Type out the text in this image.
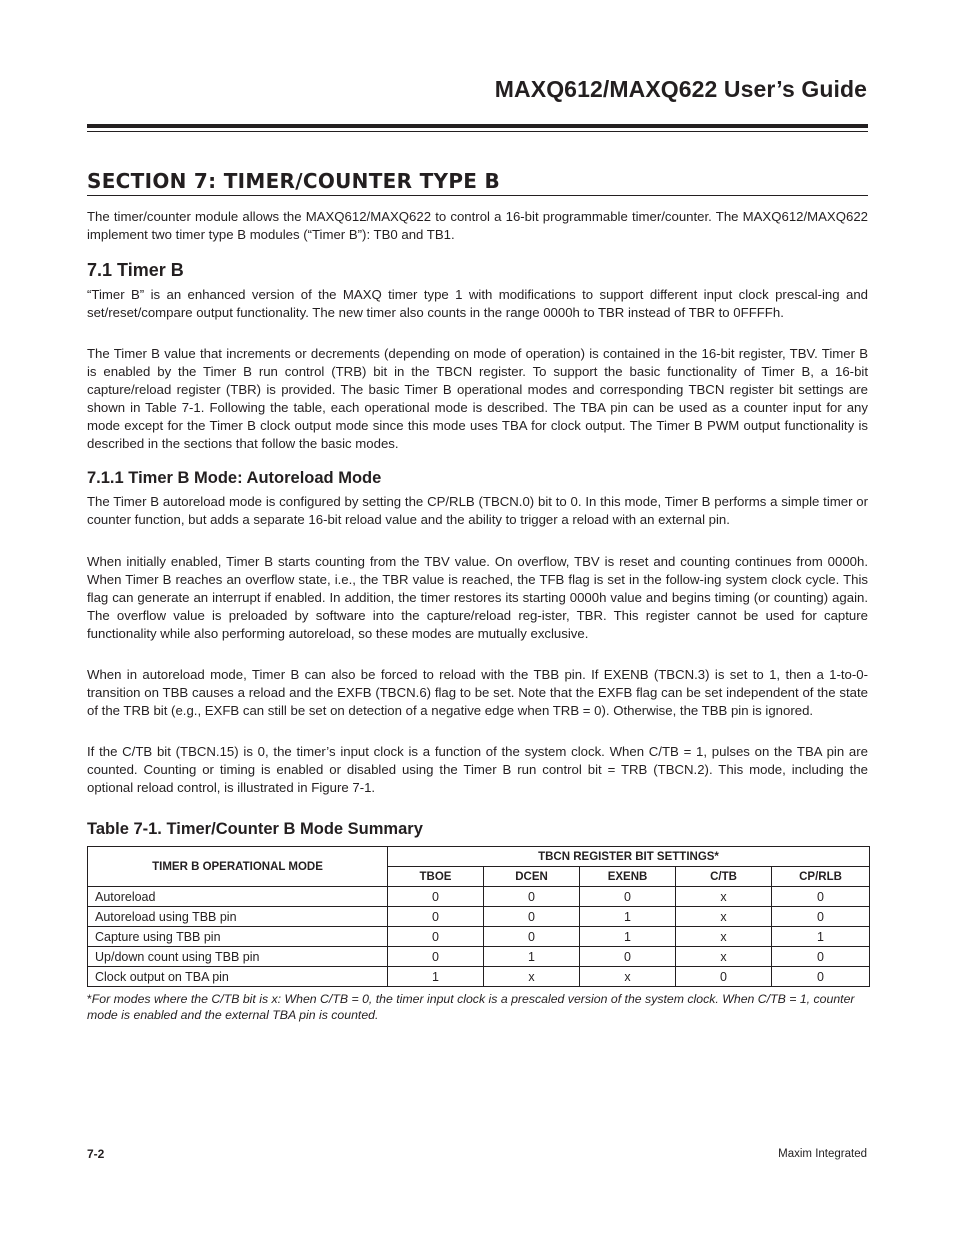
MAXQ612/MAXQ622 User’s Guide
SECTION 7: TIMER/COUNTER TYPE B

The timer/counter module allows the MAXQ612/MAXQ622 to control a 16-bit programmable timer/counter. The MAXQ612/MAXQ622 implement two timer type B modules (“Timer B”): TB0 and TB1.

7.1 Timer B

“Timer B” is an enhanced version of the MAXQ timer type 1 with modifications to support different input clock prescal-ing and set/reset/compare output functionality. The new timer also counts in the range 0000h to TBR instead of TBR to 0FFFFh.

The Timer B value that increments or decrements (depending on mode of operation) is contained in the 16-bit register, TBV. Timer B is enabled by the Timer B run control (TRB) bit in the TBCN register. To support the basic functionality of Timer B, a 16-bit capture/reload register (TBR) is provided. The basic Timer B operational modes and corresponding TBCN register bit settings are shown in Table 7-1. Following the table, each operational mode is described. The TBA pin can be used as a counter input for any mode except for the Timer B clock output mode since this mode uses TBA for clock output. The Timer B PWM output functionality is described in the sections that follow the basic modes.

7.1.1 Timer B Mode: Autoreload Mode

The Timer B autoreload mode is configured by setting the CP/RLB (TBCN.0) bit to 0. In this mode, Timer B performs a simple timer or counter function, but adds a separate 16-bit reload value and the ability to trigger a reload with an external pin.

When initially enabled, Timer B starts counting from the TBV value. On overflow, TBV is reset and counting continues from 0000h. When Timer B reaches an overflow state, i.e., the TBR value is reached, the TFB flag is set in the follow-ing system clock cycle. This flag can generate an interrupt if enabled. In addition, the timer restores its starting 0000h value and begins timing (or counting) again. The overflow value is preloaded by software into the capture/reload reg-ister, TBR. This register cannot be used for capture functionality while also performing autoreload, so these modes are mutually exclusive.

When in autoreload mode, Timer B can also be forced to reload with the TBB pin. If EXENB (TBCN.3) is set to 1, then a 1-to-0-transition on TBB causes a reload and the EXFB (TBCN.6) flag to be set. Note that the EXFB flag can be set independent of the state of the TRB bit (e.g., EXFB can still be set on detection of a negative edge when TRB = 0). Otherwise, the TBB pin is ignored.

If the C/TB bit (TBCN.15) is 0, the timer’s input clock is a function of the system clock. When C/TB = 1, pulses on the TBA pin are counted. Counting or timing is enabled or disabled using the Timer B run control bit = TRB (TBCN.2). This mode, including the optional reload control, is illustrated in Figure 7-1.

Table 7-1. Timer/Counter B Mode Summary
TIMER B OPERATIONAL MODE	TBCN REGISTER BIT SETTINGS*				
	TBOE	DCEN	EXENB	C/TB	CP/RLB
Autoreload	0	0	0	x	0
Autoreload using TBB pin	0	0	1	x	0
Capture using TBB pin	0	0	1	x	1
Up/down count using TBB pin	0	1	0	x	0
Clock output on TBA pin	1	x	x	0	0

*For modes where the C/TB bit is x: When C/TB = 0, the timer input clock is a prescaled version of the system clock. When C/TB = 1, counter mode is enabled and the external TBA pin is counted.

7-2	Maxim Integrated
